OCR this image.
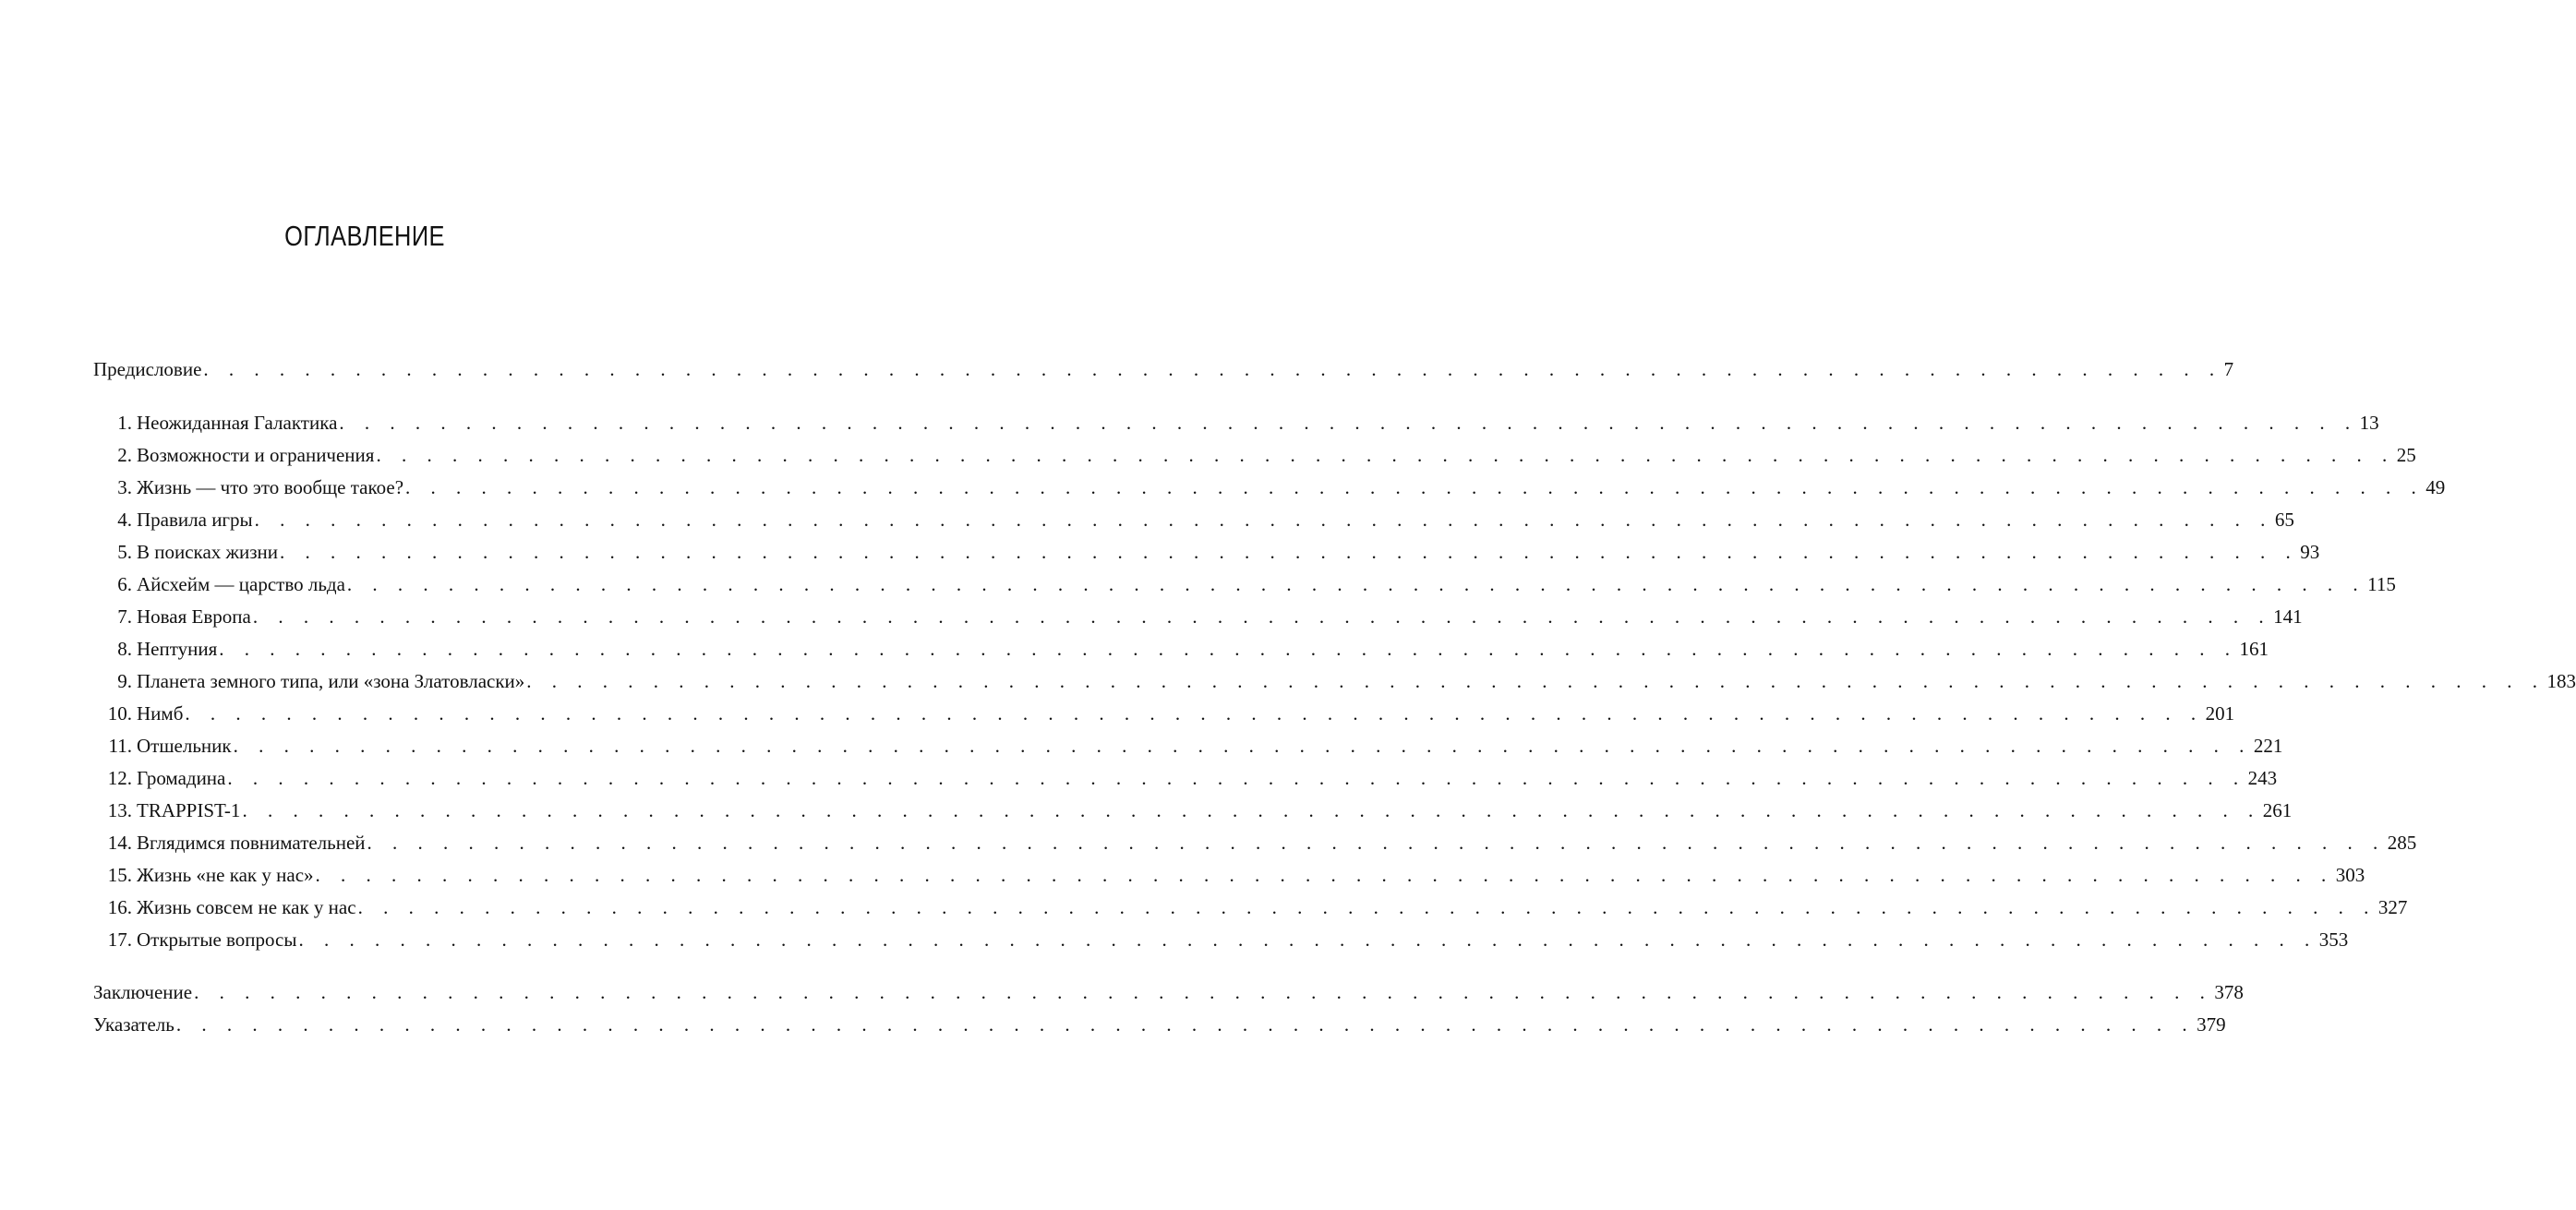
ОГЛАВЛЕНИЕ
Предисловие . . . . . . . . . . . . . . . . . . . . . . . . . . . . . . . . . . . . . . . . . . . . . . . . . . . . . . . . . . . . . . . . . . . . . . . . . . . . . . . . 7
1. Неожиданная Галактика . . . . . . . . . . . . . . . . . . . . . . . . . . . . . . . . . . . . . . . . . . . . . . . . . . . . . . . . . . . . . . . . . . . . . . . . . . . . . . . . 13
2. Возможности и ограничения . . . . . . . . . . . . . . . . . . . . . . . . . . . . . . . . . . . . . . . . . . . . . . . . . . . . . . . . . . . . . . . . . . . . . . . . . . . . . . . . 25
3. Жизнь — что это вообще такое? . . . . . . . . . . . . . . . . . . . . . . . . . . . . . . . . . . . . . . . . . . . . . . . . . . . . . . . . . . . . . . . . . . . . . . . . . . . . . . . . 49
4. Правила игры . . . . . . . . . . . . . . . . . . . . . . . . . . . . . . . . . . . . . . . . . . . . . . . . . . . . . . . . . . . . . . . . . . . . . . . . . . . . . . . . 65
5. В поисках жизни . . . . . . . . . . . . . . . . . . . . . . . . . . . . . . . . . . . . . . . . . . . . . . . . . . . . . . . . . . . . . . . . . . . . . . . . . . . . . . . . 93
6. Айсхейм — царство льда . . . . . . . . . . . . . . . . . . . . . . . . . . . . . . . . . . . . . . . . . . . . . . . . . . . . . . . . . . . . . . . . . . . . . . . . . . . . . . . . 115
7. Новая Европа . . . . . . . . . . . . . . . . . . . . . . . . . . . . . . . . . . . . . . . . . . . . . . . . . . . . . . . . . . . . . . . . . . . . . . . . . . . . . . . . 141
8. Нептуния . . . . . . . . . . . . . . . . . . . . . . . . . . . . . . . . . . . . . . . . . . . . . . . . . . . . . . . . . . . . . . . . . . . . . . . . . . . . . . . . 161
9. Планета земного типа, или «зона Златовласки» . . . . . . . . . . . . . . . . . . . . . . . . . . . . . . . . . . . . . . . . . . . . . . . . . . . . . . . . . . . . . . . . . . . . . . . . . . . . . . . . 183
10. Нимб . . . . . . . . . . . . . . . . . . . . . . . . . . . . . . . . . . . . . . . . . . . . . . . . . . . . . . . . . . . . . . . . . . . . . . . . . . . . . . . . 201
11. Отшельник . . . . . . . . . . . . . . . . . . . . . . . . . . . . . . . . . . . . . . . . . . . . . . . . . . . . . . . . . . . . . . . . . . . . . . . . . . . . . . . . 221
12. Громадина . . . . . . . . . . . . . . . . . . . . . . . . . . . . . . . . . . . . . . . . . . . . . . . . . . . . . . . . . . . . . . . . . . . . . . . . . . . . . . . . 243
13. TRAPPIST-1 . . . . . . . . . . . . . . . . . . . . . . . . . . . . . . . . . . . . . . . . . . . . . . . . . . . . . . . . . . . . . . . . . . . . . . . . . . . . . . . . 261
14. Вглядимся повнимательней . . . . . . . . . . . . . . . . . . . . . . . . . . . . . . . . . . . . . . . . . . . . . . . . . . . . . . . . . . . . . . . . . . . . . . . . . . . . . . . . 285
15. Жизнь «не как у нас» . . . . . . . . . . . . . . . . . . . . . . . . . . . . . . . . . . . . . . . . . . . . . . . . . . . . . . . . . . . . . . . . . . . . . . . . . . . . . . . . 303
16. Жизнь совсем не как у нас . . . . . . . . . . . . . . . . . . . . . . . . . . . . . . . . . . . . . . . . . . . . . . . . . . . . . . . . . . . . . . . . . . . . . . . . . . . . . . . . 327
17. Открытые вопросы . . . . . . . . . . . . . . . . . . . . . . . . . . . . . . . . . . . . . . . . . . . . . . . . . . . . . . . . . . . . . . . . . . . . . . . . . . . . . . . . 353
Заключение . . . . . . . . . . . . . . . . . . . . . . . . . . . . . . . . . . . . . . . . . . . . . . . . . . . . . . . . . . . . . . . . . . . . . . . . . . . . . . . . 378
Указатель . . . . . . . . . . . . . . . . . . . . . . . . . . . . . . . . . . . . . . . . . . . . . . . . . . . . . . . . . . . . . . . . . . . . . . . . . . . . . . . . 379
